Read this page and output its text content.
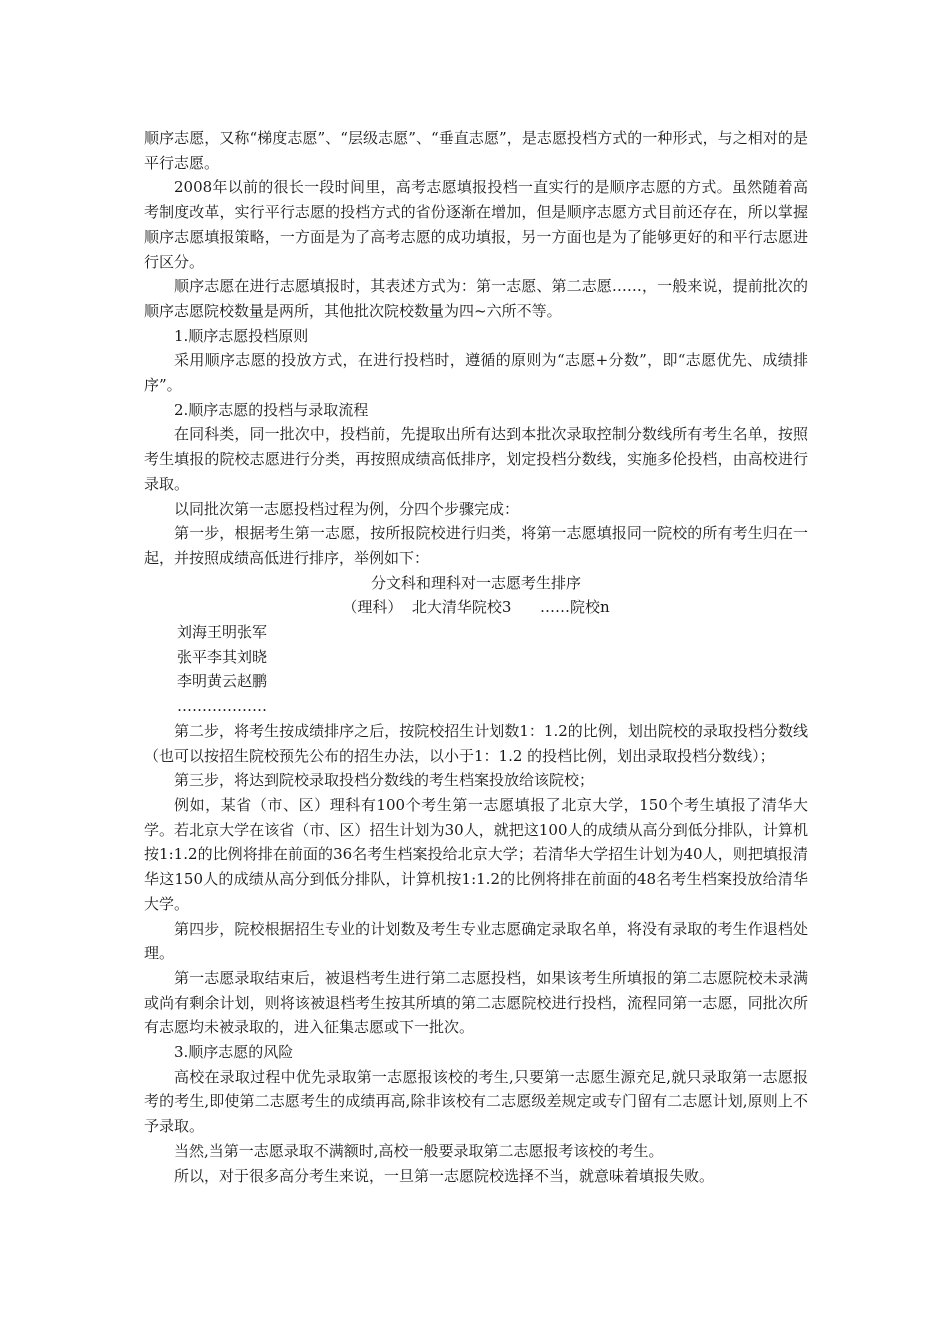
顺序志愿，又称“梯度志愿”、“层级志愿”、“垂直志愿”，是志愿投档方式的一种形式，与之相对的是平行志愿。

2008年以前的很长一段时间里，高考志愿填报投档一直实行的是顺序志愿的方式。虽然随着高考制度改革，实行平行志愿的投档方式的省份逐渐在增加，但是顺序志愿方式目前还存在，所以掌握顺序志愿填报策略，一方面是为了高考志愿的成功填报，另一方面也是为了能够更好的和平行志愿进行区分。

顺序志愿在进行志愿填报时，其表述方式为：第一志愿、第二志愿……，一般来说，提前批次的顺序志愿院校数量是两所，其他批次院校数量为四~六所不等。

1.顺序志愿投档原则

采用顺序志愿的投放方式，在进行投档时，遵循的原则为“志愿+分数”，即“志愿优先、成绩排序”。

2.顺序志愿的投档与录取流程

在同科类，同一批次中，投档前，先提取出所有达到本批次录取控制分数线所有考生名单，按照考生填报的院校志愿进行分类，再按照成绩高低排序，划定投档分数线，实施多伦投档，由高校进行录取。

以同批次第一志愿投档过程为例，分四个步骤完成：

第一步，根据考生第一志愿，按所报院校进行归类，将第一志愿填报同一院校的所有考生归在一起，并按照成绩高低进行排序，举例如下：

分文科和理科对一志愿考生排序

（理科）  北大清华院校3      ……院校n

刘海王明张军

张平李其刘晓

李明黄云赵鹏

………………

第二步，将考生按成绩排序之后，按院校招生计划数1：1.2的比例，划出院校的录取投档分数线（也可以按招生院校预先公布的招生办法，以小于1：1.2 的投档比例，划出录取投档分数线）；

第三步，将达到院校录取投档分数线的考生档案投放给该院校；

例如，某省（市、区）理科有100个考生第一志愿填报了北京大学，150个考生填报了清华大学。若北京大学在该省（市、区）招生计划为30人，就把这100人的成绩从高分到低分排队，计算机按1:1.2的比例将排在前面的36名考生档案投给北京大学；若清华大学招生计划为40人，则把填报清华这150人的成绩从高分到低分排队，计算机按1:1.2的比例将排在前面的48名考生档案投放给清华大学。

第四步，院校根据招生专业的计划数及考生专业志愿确定录取名单，将没有录取的考生作退档处理。

第一志愿录取结束后，被退档考生进行第二志愿投档，如果该考生所填报的第二志愿院校未录满或尚有剩余计划，则将该被退档考生按其所填的第二志愿院校进行投档，流程同第一志愿，同批次所有志愿均未被录取的，进入征集志愿或下一批次。

3.顺序志愿的风险

高校在录取过程中优先录取第一志愿报该校的考生,只要第一志愿生源充足,就只录取第一志愿报考的考生,即使第二志愿考生的成绩再高,除非该校有二志愿级差规定或专门留有二志愿计划,原则上不予录取。

当然,当第一志愿录取不满额时,高校一般要录取第二志愿报考该校的考生。

所以，对于很多高分考生来说，一旦第一志愿院校选择不当，就意味着填报失败。
